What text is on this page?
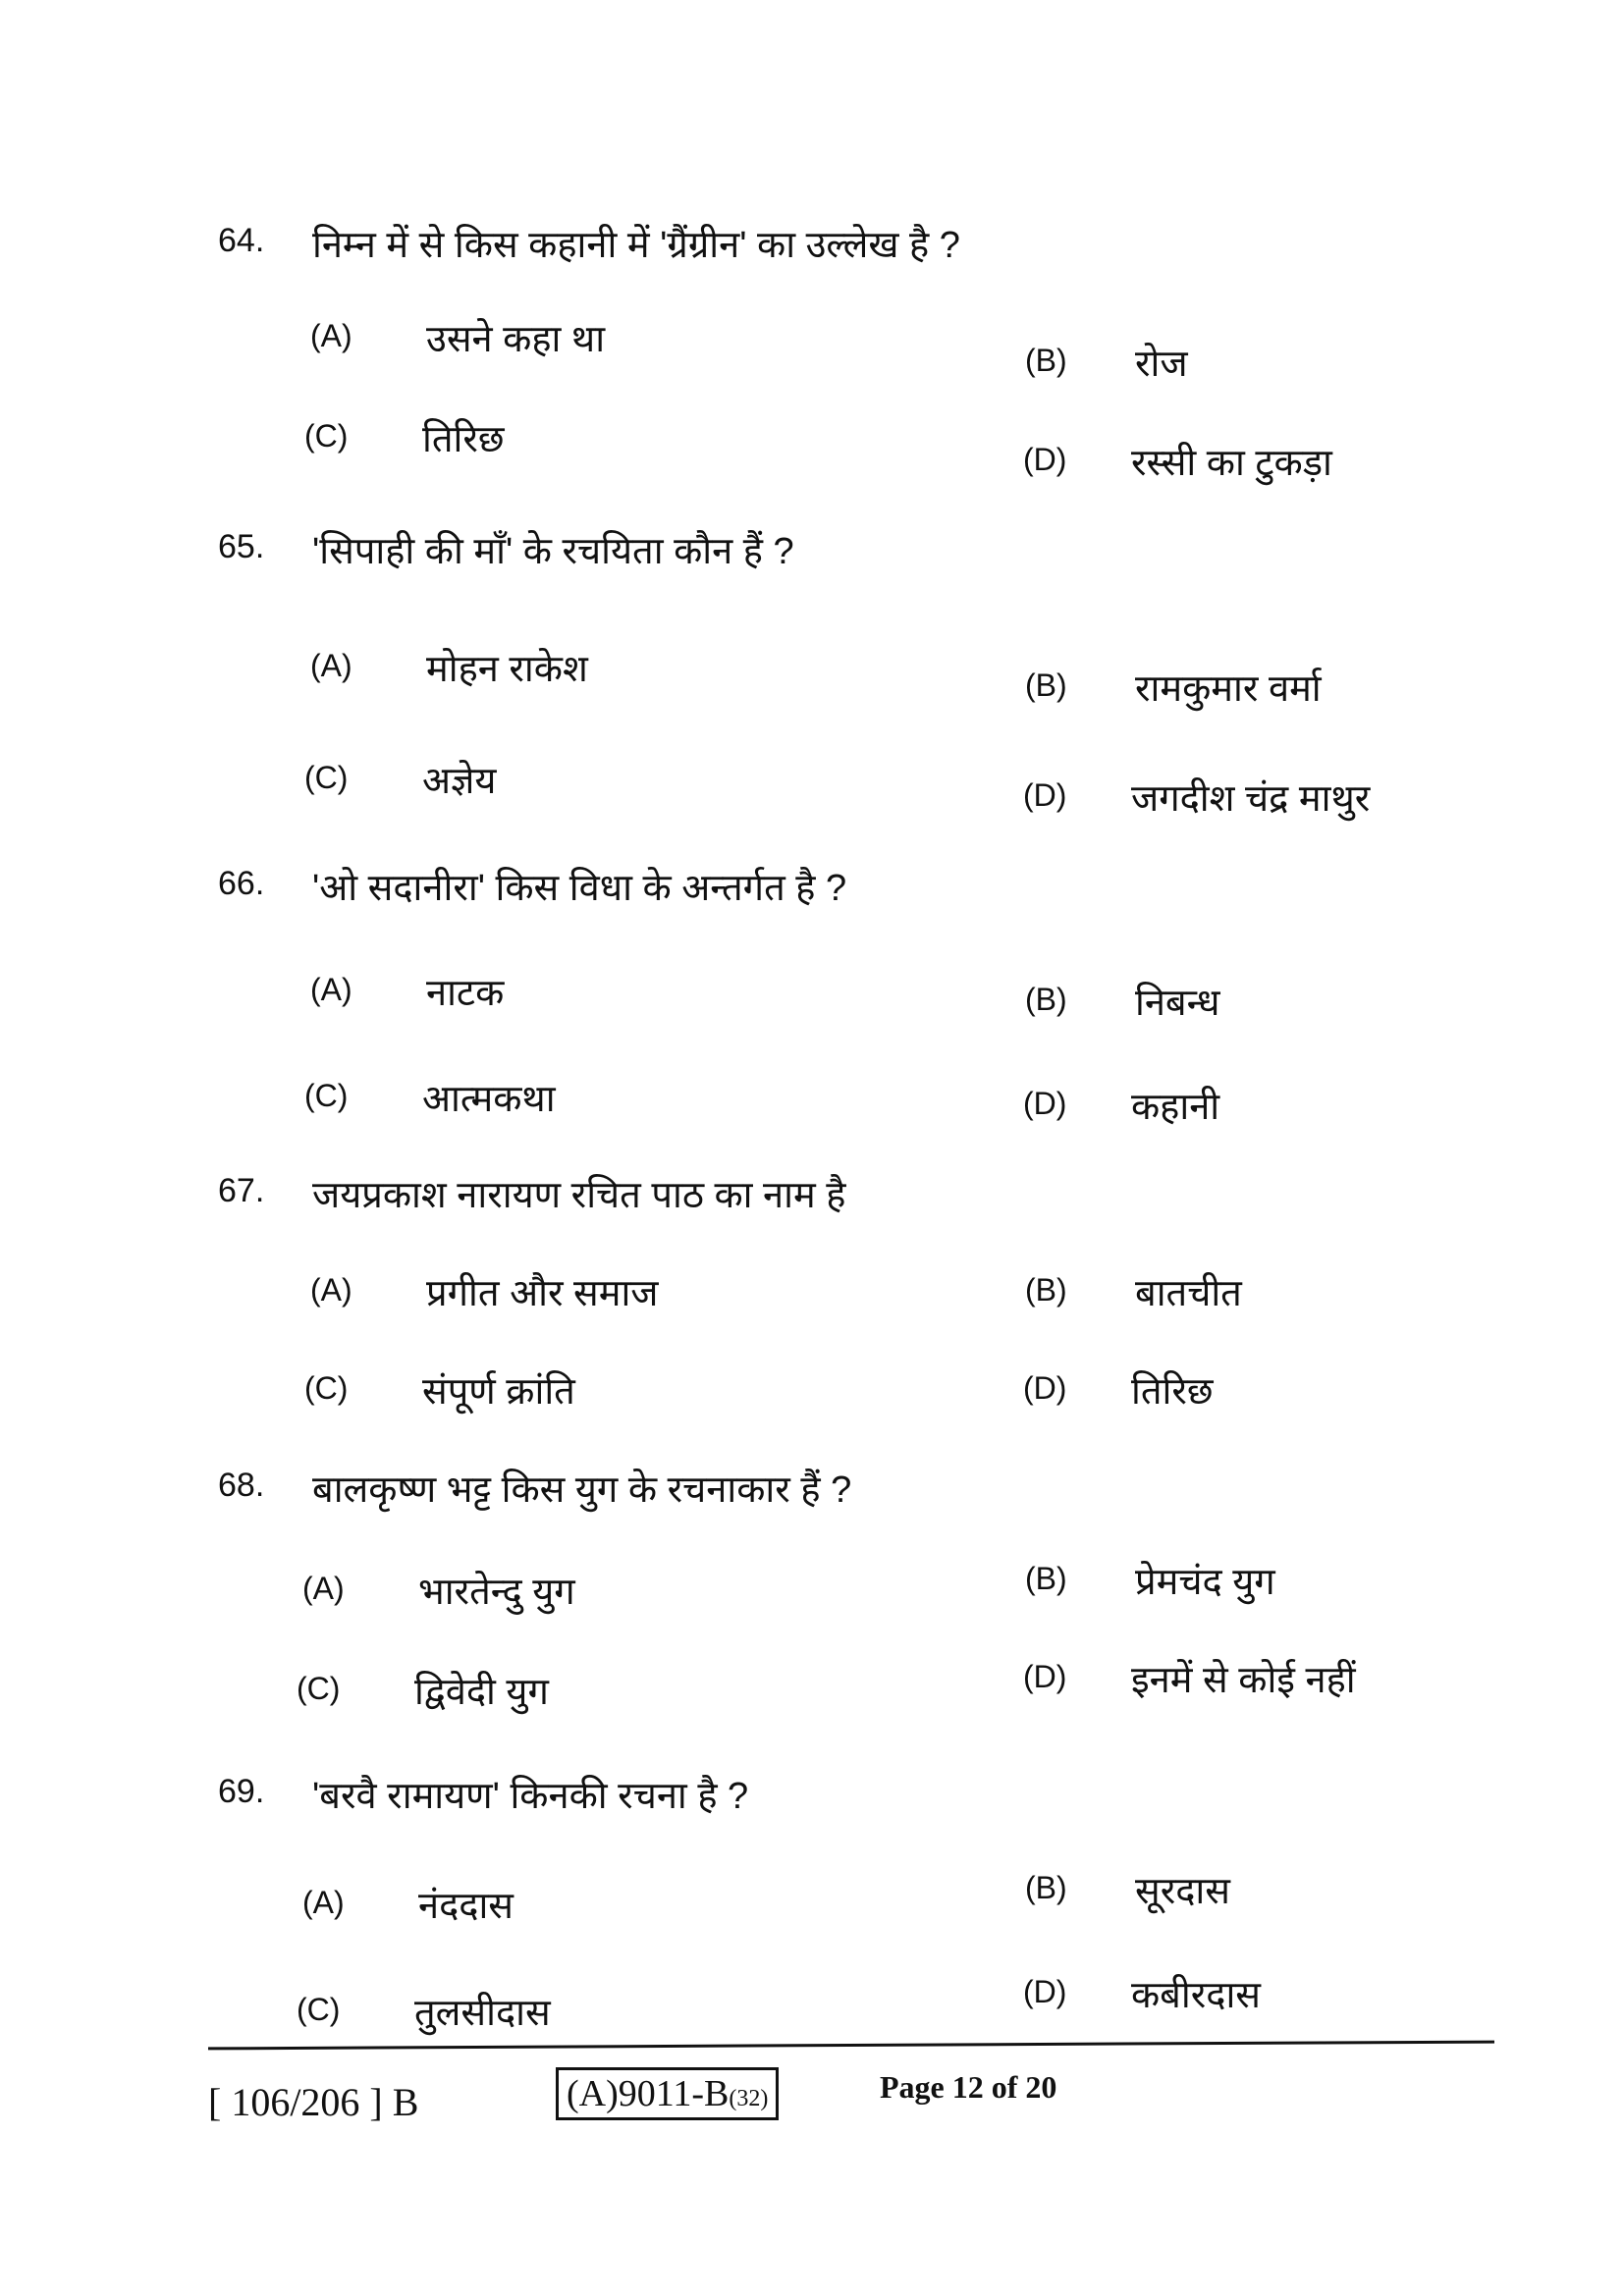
64. निम्न में से किस कहानी में 'ग्रैंग्रीन' का उल्लेख है ?
(A) उसने कहा था	(B) रोज
(C) तिरिछ	(D) रस्सी का टुकड़ा
65. 'सिपाही की माँ' के रचयिता कौन हैं ?
(A) मोहन राकेश	(B) रामकुमार वर्मा
(C) अज्ञेय	(D) जगदीश चंद्र माथुर
66. 'ओ सदानीरा' किस विधा के अन्तर्गत है ?
(A) नाटक	(B) निबन्ध
(C) आत्मकथा	(D) कहानी
67. जयप्रकाश नारायण रचित पाठ का नाम है
(A) प्रगीत और समाज	(B) बातचीत
(C) संपूर्ण क्रांति	(D) तिरिछ
68. बालकृष्ण भट्ट किस युग के रचनाकार हैं ?
(A) भारतेन्दु युग	(B) प्रेमचंद युग
(C) द्विवेदी युग	(D) इनमें से कोई नहीं
69. 'बरवै रामायण' किनकी रचना है ?
(A) नंददास	(B) सूरदास
(C) तुलसीदास
(D) कबीरदास
[ 106/206 ] B	(A)9011-B(32)	Page 12 of 20
